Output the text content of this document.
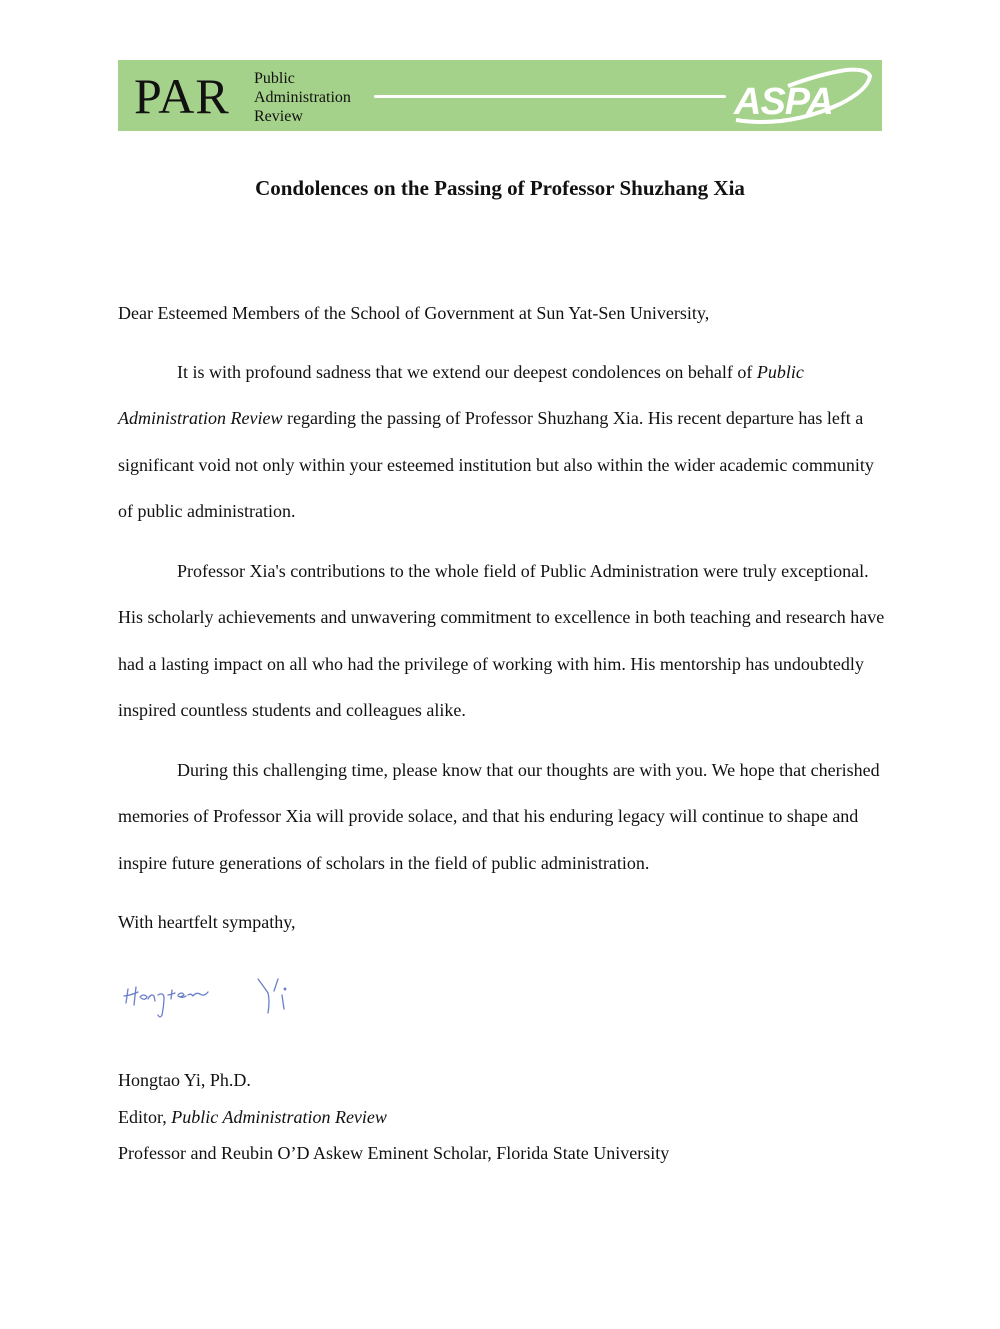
PAR Public
Administration
Review	ASPA
Condolences on the Passing of Professor Shuzhang Xia
Dear Esteemed Members of the School of Government at Sun Yat-Sen University,

It is with profound sadness that we extend our deepest condolences on behalf of Public Administration Review regarding the passing of Professor Shuzhang Xia. His recent departure has left a significant void not only within your esteemed institution but also within the wider academic community of public administration.

Professor Xia's contributions to the whole field of Public Administration were truly exceptional. His scholarly achievements and unwavering commitment to excellence in both teaching and research have had a lasting impact on all who had the privilege of working with him. His mentorship has undoubtedly inspired countless students and colleagues alike.

During this challenging time, please know that our thoughts are with you. We hope that cherished memories of Professor Xia will provide solace, and that his enduring legacy will continue to shape and inspire future generations of scholars in the field of public administration.

With heartfelt sympathy,
Hongtao Yi, Ph.D.
Editor, Public Administration Review
Professor and Reubin O’D Askew Eminent Scholar, Florida State University
